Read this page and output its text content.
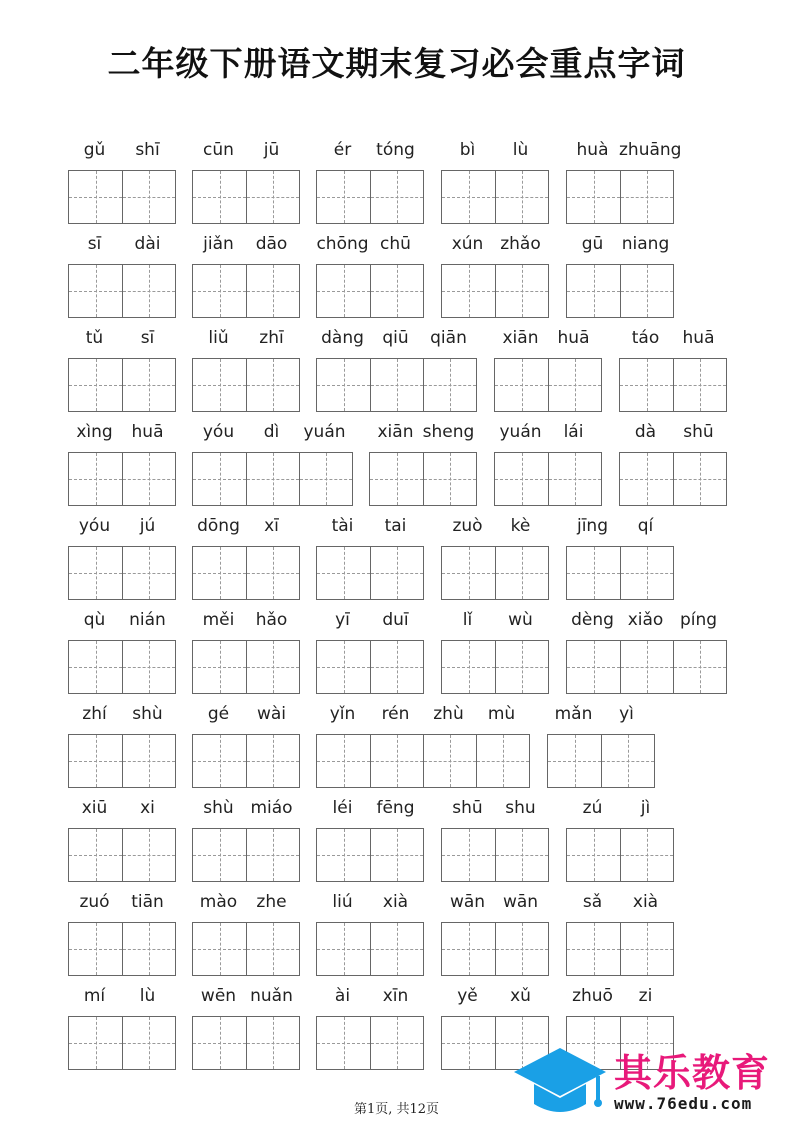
二年级下册语文期末复习必会重点字词
gǔ	shī	cūn	jū	ér	tóng	bì	lù	huà zhuāng
sī	dài	jiǎn	dāo	chōng chū	xún zhǎo	gū	niang
tǔ	sī	liǔ	zhī	dàng	qiū	qiān	xiān	huā	táo	huā
xìng	huā	yóu	dì	yuán	xiān sheng	yuán	lái	dà	shū
yóu	jú	dōng	xī	tài	tai	zuò	kè	jīng	qí
qù	nián	měi	hǎo	yī	duī	lǐ	wù	dèng xiǎo píng
zhí	shù	gé	wài	yǐn	rén	zhù	mù	mǎn	yì
xiū	xi	shù miáo	léi	fēng	shū	shu	zú	jì
zuó	tiān	mào	zhe	liú	xià	wān	wān	sǎ	xià
mí	lù	wēn nuǎn	ài	xīn	yě	xǔ	zhuō	zi
第1页, 共12页
其乐教育
www.76edu.com
